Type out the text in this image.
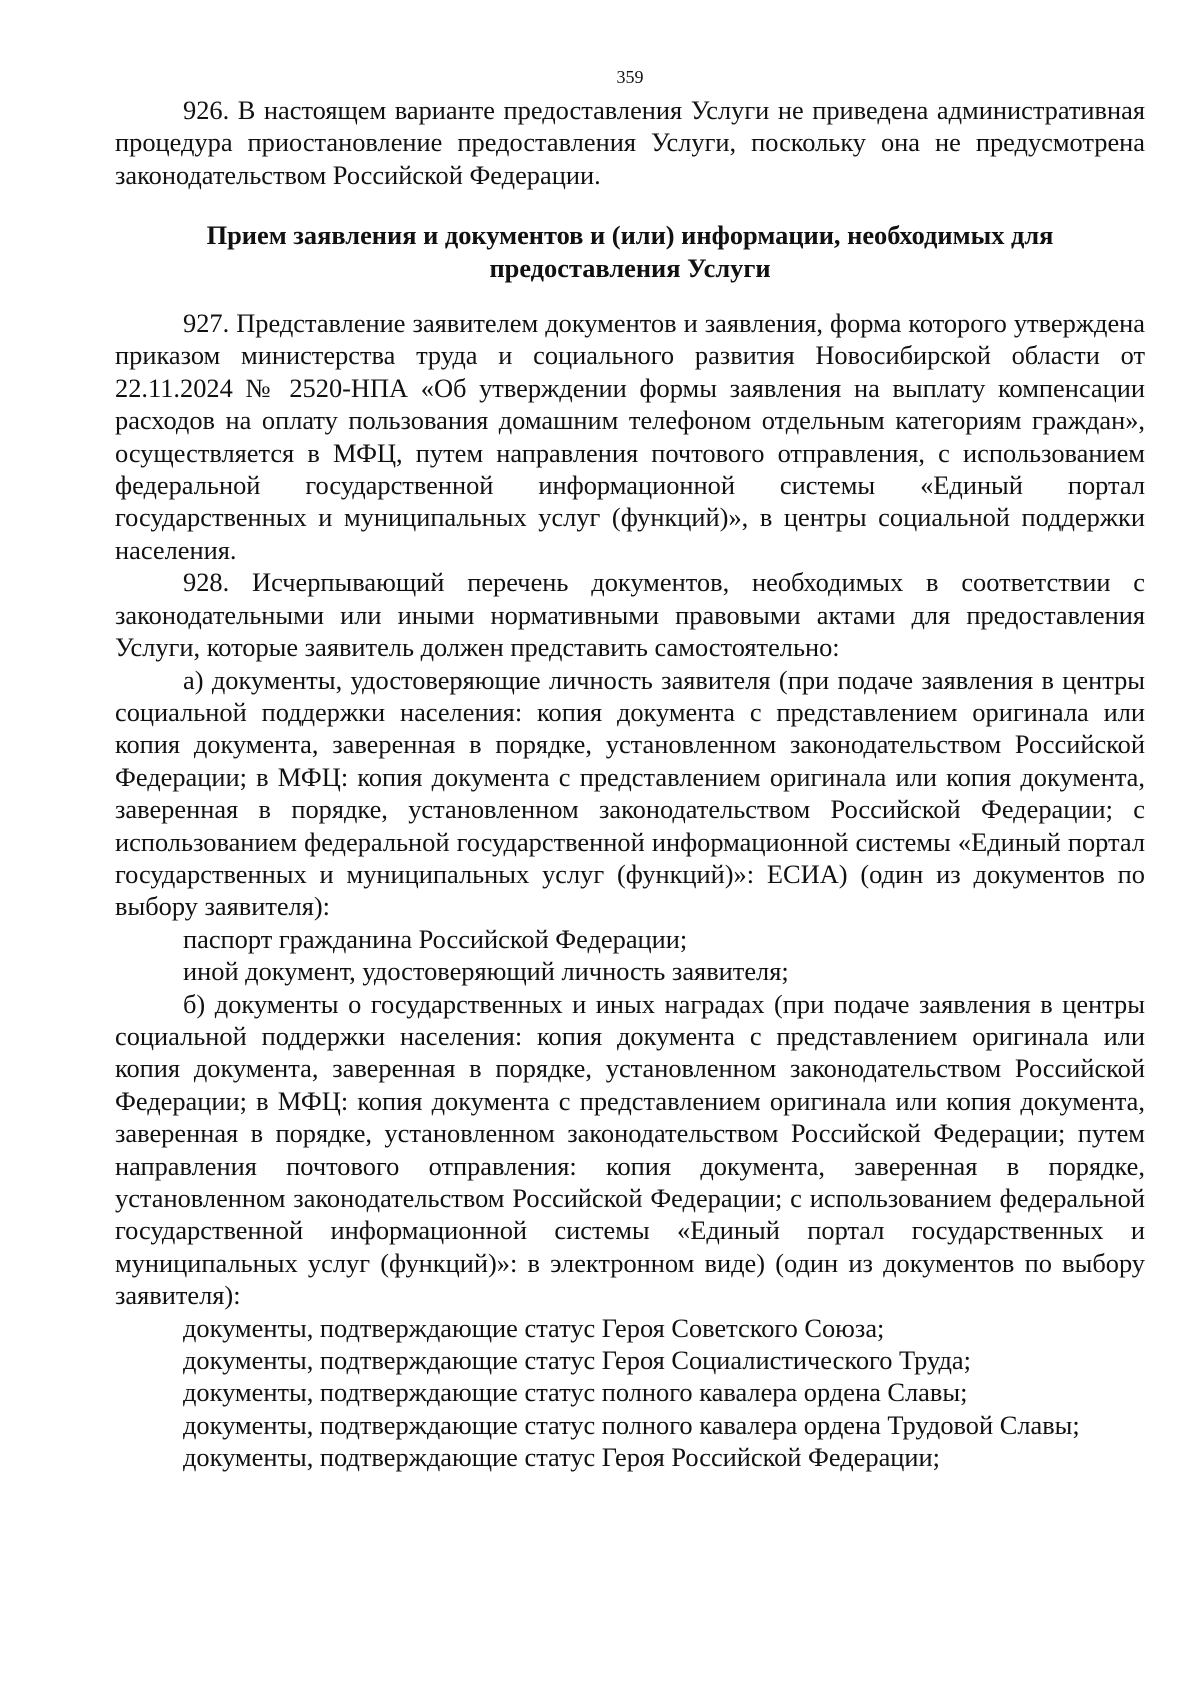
359

926. В настоящем варианте предоставления Услуги не приведена административная процедура приостановление предоставления Услуги, поскольку она не предусмотрена законодательством Российской Федерации.

Прием заявления и документов и (или) информации, необходимых для
предоставления Услуги

927. Представление заявителем документов и заявления, форма которого утверждена приказом министерства труда и социального развития Новосибирской области от 22.11.2024 № 2520-НПА «Об утверждении формы заявления на выплату компенсации расходов на оплату пользования домашним телефоном отдельным категориям граждан», осуществляется в МФЦ, путем направления почтового отправления, с использованием федеральной государственной информационной системы «Единый портал государственных и муниципальных услуг (функций)», в центры социальной поддержки населения.

928. Исчерпывающий перечень документов, необходимых в соответствии с законодательными или иными нормативными правовыми актами для предоставления Услуги, которые заявитель должен представить самостоятельно:

а) документы, удостоверяющие личность заявителя (при подаче заявления в центры социальной поддержки населения: копия документа с представлением оригинала или копия документа, заверенная в порядке, установленном законодательством Российской Федерации; в МФЦ: копия документа с представлением оригинала или копия документа, заверенная в порядке, установленном законодательством Российской Федерации; с использованием федеральной государственной информационной системы «Единый портал государственных и муниципальных услуг (функций)»: ЕСИА) (один из документов по выбору заявителя):

паспорт гражданина Российской Федерации;

иной документ, удостоверяющий личность заявителя;

б) документы о государственных и иных наградах (при подаче заявления в центры социальной поддержки населения: копия документа с представлением оригинала или копия документа, заверенная в порядке, установленном законодательством Российской Федерации; в МФЦ: копия документа с представлением оригинала или копия документа, заверенная в порядке, установленном законодательством Российской Федерации; путем направления почтового отправления: копия документа, заверенная в порядке, установленном законодательством Российской Федерации; с использованием федеральной государственной информационной системы «Единый портал государственных и муниципальных услуг (функций)»: в электронном виде) (один из документов по выбору заявителя):

документы, подтверждающие статус Героя Советского Союза;

документы, подтверждающие статус Героя Социалистического Труда;

документы, подтверждающие статус полного кавалера ордена Славы;

документы, подтверждающие статус полного кавалера ордена Трудовой Славы;

документы, подтверждающие статус Героя Российской Федерации;
